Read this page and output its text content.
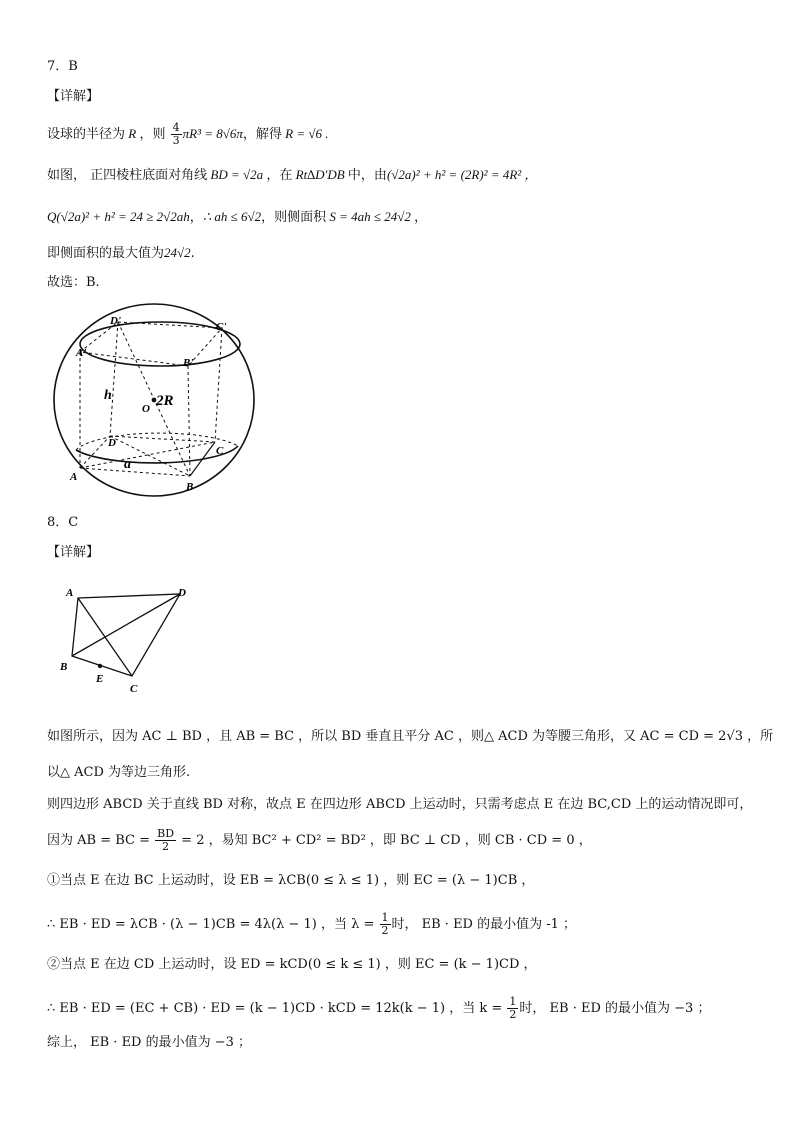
7．B
【详解】
设球的半径为 R ，则 $\frac{4}{3} \pi R^3 = 8√6\pi$，解得 R = √6 .
如图， 正四棱柱底面对角线 BD = √2a ，在 Rt∆D'DB 中，由(√2a)² + h² = (2R)² = 4R² ，
Q(√2a)² + h² = 24 ≥ 2√2ah，∴ ah ≤ 6√2，则侧面积 S = 4ah ≤ 24√2 ，
即侧面积的最大值为24√2.
故选：B.
D'	C'
A'
B'
h
O 2R
D
C
A
a
B
8．C
【详解】
A	D
B
E
C
如图所示，因为 AC ⊥ BD ，且 AB = BC ，所以 BD 垂直且平分 AC ，则△ ACD 为等腰三角形，又 AC = CD = 2√3 ，所
以△ ACD 为等边三角形.
则四边形 ABCD 关于直线 BD 对称，故点 E 在四边形 ABCD 上运动时，只需考虑点 E 在边 BC,CD 上的运动情况即可，
因为 AB = BC = $\frac{BD}{2} = 2$ ，易知 BC² + CD² = BD² ，即 BC ⊥ CD ，则 CB · CD = 0 ，
①当点 E 在边 BC 上运动时，设 EB = λCB(0 ≤ λ ≤ 1) ，则 EC = (λ − 1)CB ，
∴ EB · ED = λCB · (λ − 1)CB = 4λ(λ − 1) ，当 $\lambda = \frac{1}{2}$ 时， EB · ED 的最小值为 -1 ；
②当点 E 在边 CD 上运动时，设 ED = kCD(0 ≤ k ≤ 1) ，则 EC = (k − 1)CD ，
∴ EB · ED = (EC + CB) · ED = (k − 1)CD · kCD = 12k(k − 1) ，当 $k = \frac{1}{2}$ 时， EB · ED 的最小值为 −3 ；
综上， EB · ED 的最小值为 −3 ；
